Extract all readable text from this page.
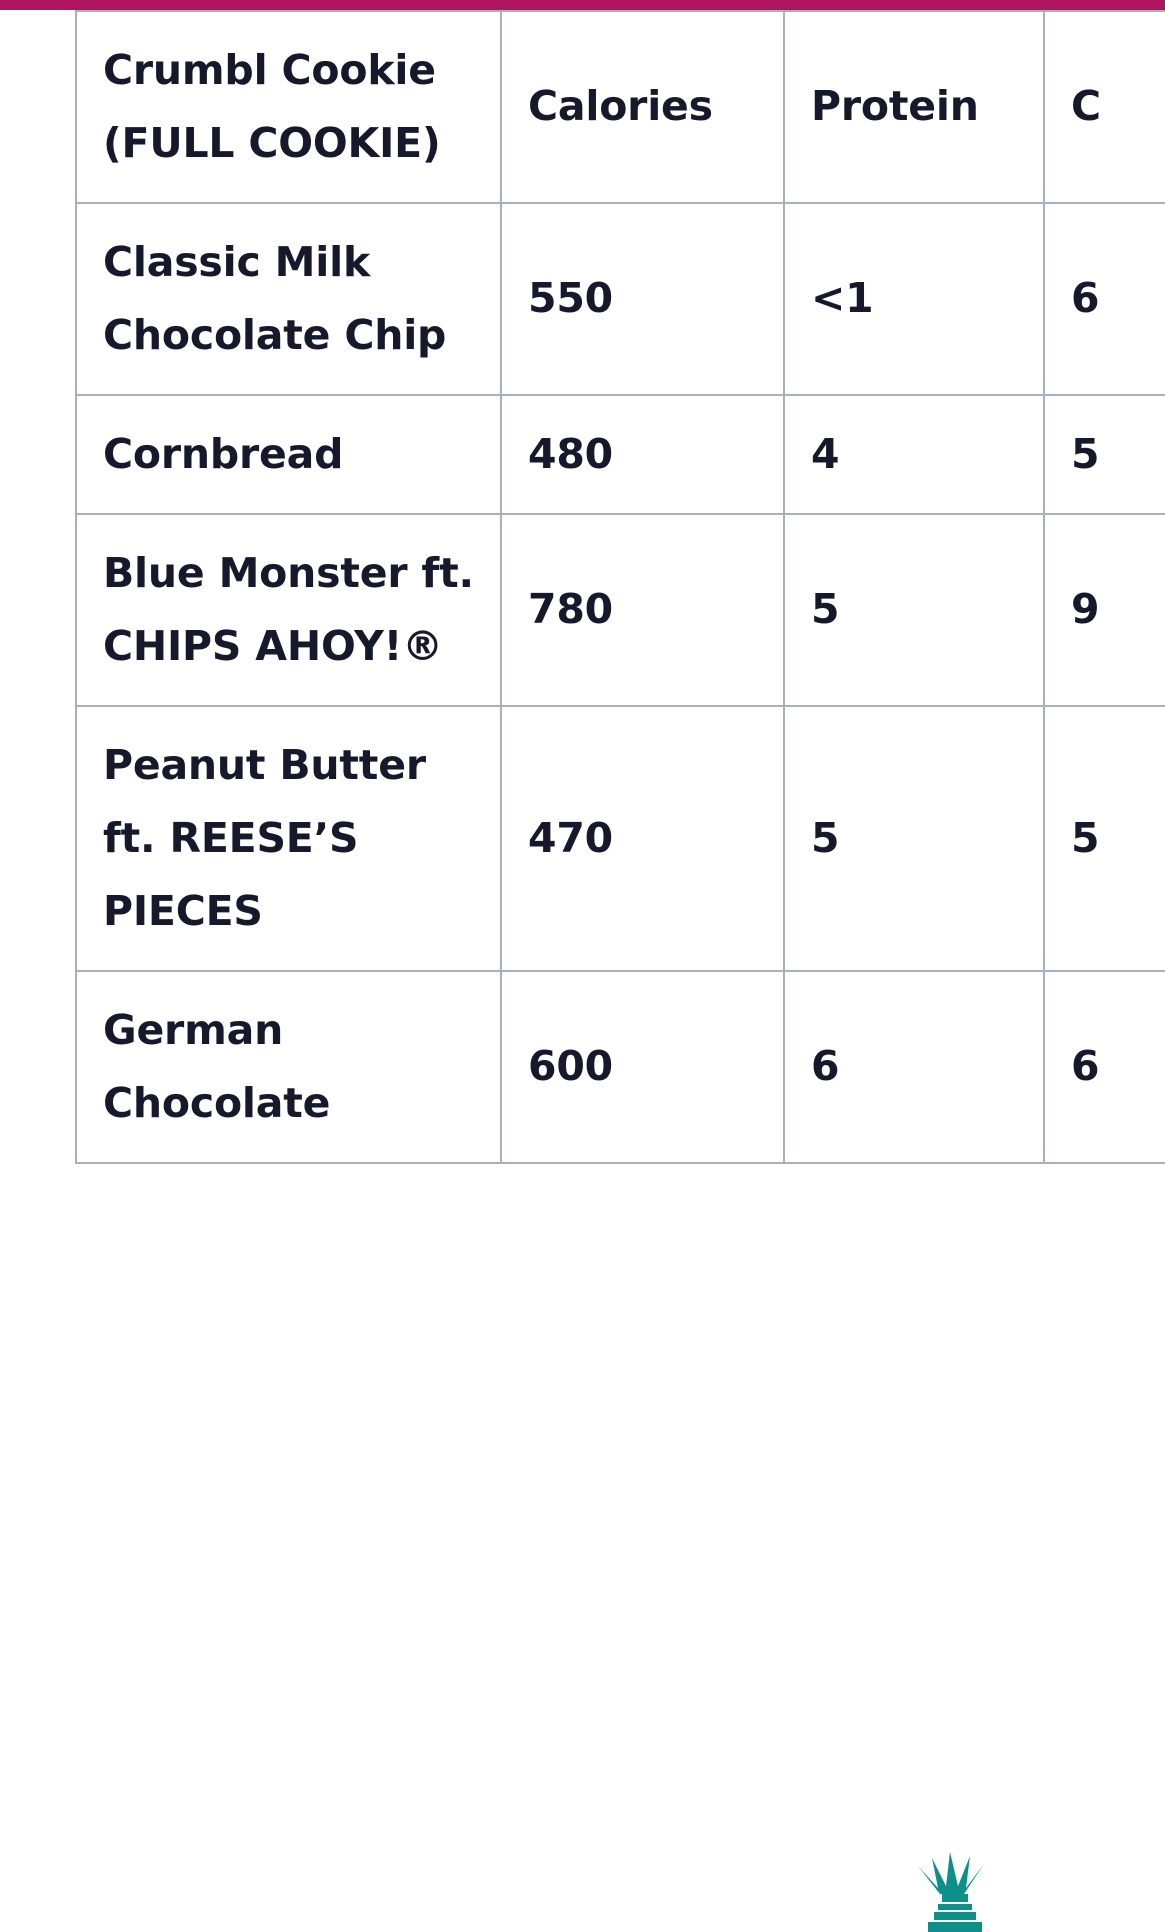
Crumbl Cookie (FULL COOKIE)	Calories	Protein	C
Classic Milk Chocolate Chip	550	<1	6
Cornbread	480	4	5
Blue Monster ft. CHIPS AHOY!®	780	5	9
Peanut Butter ft. REESE’S PIECES	470	5	5
German Chocolate	600	6	6
